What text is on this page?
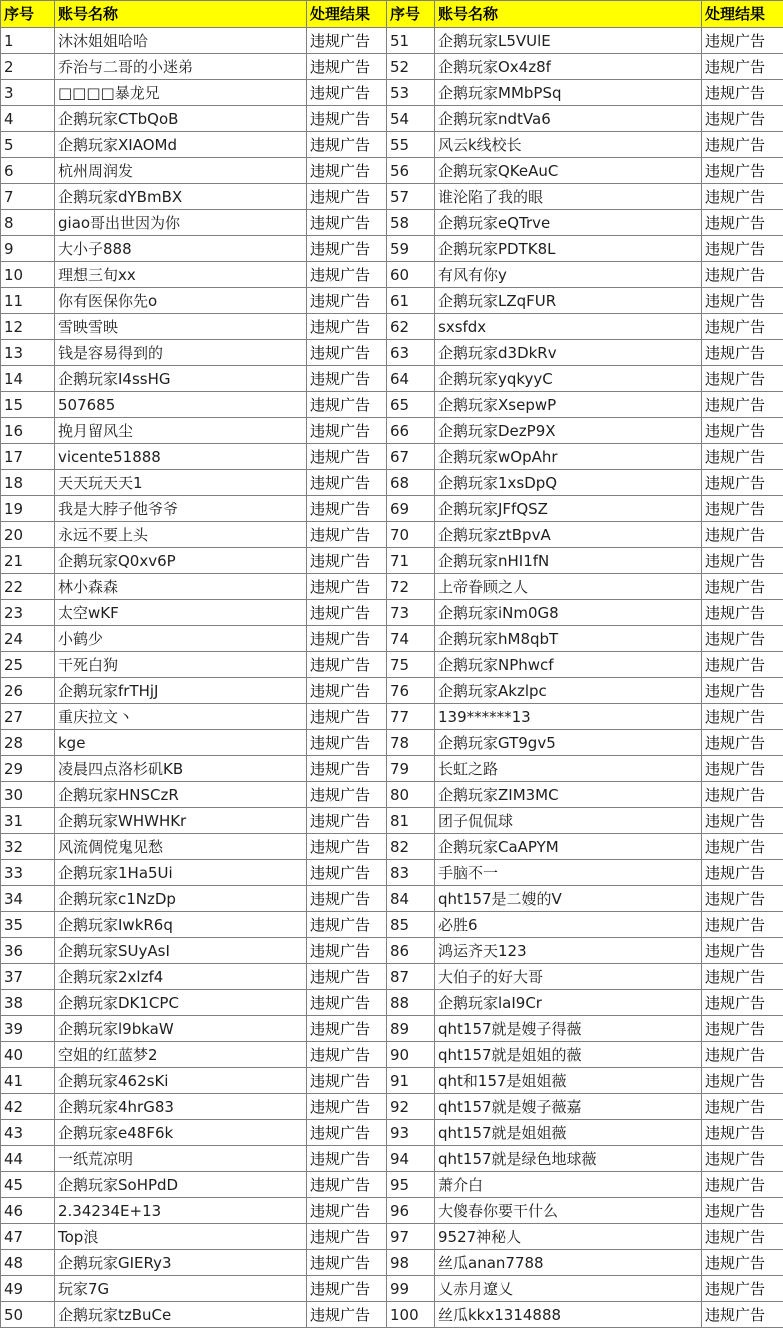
序号	账号名称	处理结果	序号	账号名称	处理结果
1	沐沐姐姐哈哈	违规广告	51	企鹅玩家L5VUlE	违规广告
2	乔治与二哥的小迷弟	违规广告	52	企鹅玩家Ox4z8f	违规广告
3	□□□□暴龙兄	违规广告	53	企鹅玩家MMbPSq	违规广告
4	企鹅玩家CTbQoB	违规广告	54	企鹅玩家ndtVa6	违规广告
5	企鹅玩家XIAOMd	违规广告	55	风云k线校长	违规广告
6	杭州周润发	违规广告	56	企鹅玩家QKeAuC	违规广告
7	企鹅玩家dYBmBX	违规广告	57	谁沦陷了我的眼	违规广告
8	giao哥出世因为你	违规广告	58	企鹅玩家eQTrve	违规广告
9	大小子888	违规广告	59	企鹅玩家PDTK8L	违规广告
10	理想三旬xx	违规广告	60	有风有你y	违规广告
11	你有医保你先o	违规广告	61	企鹅玩家LZqFUR	违规广告
12	雪映雪映	违规广告	62	sxsfdx	违规广告
13	钱是容易得到的	违规广告	63	企鹅玩家d3DkRv	违规广告
14	企鹅玩家I4ssHG	违规广告	64	企鹅玩家yqkyyC	违规广告
15	507685	违规广告	65	企鹅玩家XsepwP	违规广告
16	挽月留风尘	违规广告	66	企鹅玩家DezP9X	违规广告
17	vicente51888	违规广告	67	企鹅玩家wOpAhr	违规广告
18	天天玩天天1	违规广告	68	企鹅玩家1xsDpQ	违规广告
19	我是大脖子他爷爷	违规广告	69	企鹅玩家JFfQSZ	违规广告
20	永远不要上头	违规广告	70	企鹅玩家ztBpvA	违规广告
21	企鹅玩家Q0xv6P	违规广告	71	企鹅玩家nHI1fN	违规广告
22	林小森森	违规广告	72	上帝眷顾之人	违规广告
23	太空wKF	违规广告	73	企鹅玩家iNm0G8	违规广告
24	小鹤少	违规广告	74	企鹅玩家hM8qbT	违规广告
25	干死白狗	违规广告	75	企鹅玩家NPhwcf	违规广告
26	企鹅玩家frTHjJ	违规广告	76	企鹅玩家Akzlpc	违规广告
27	重庆拉文丶	违规广告	77	139******13	违规广告
28	kge	违规广告	78	企鹅玩家GT9gv5	违规广告
29	凌晨四点洛杉矶KB	违规广告	79	长虹之路	违规广告
30	企鹅玩家HNSCzR	违规广告	80	企鹅玩家ZIM3MC	违规广告
31	企鹅玩家WHWHKr	违规广告	81	团子侃侃球	违规广告
32	风流倜傥鬼见愁	违规广告	82	企鹅玩家CaAPYM	违规广告
33	企鹅玩家1Ha5Ui	违规广告	83	手脑不一	违规广告
34	企鹅玩家c1NzDp	违规广告	84	qht157是二嫂的V	违规广告
35	企鹅玩家IwkR6q	违规广告	85	必胜6	违规广告
36	企鹅玩家SUyAsI	违规广告	86	鸿运齐天123	违规广告
37	企鹅玩家2xlzf4	违规广告	87	大伯子的好大哥	违规广告
38	企鹅玩家DK1CPC	违规广告	88	企鹅玩家laI9Cr	违规广告
39	企鹅玩家l9bkaW	违规广告	89	qht157就是嫂子得薇	违规广告
40	空姐的红蓝梦2	违规广告	90	qht157就是姐姐的薇	违规广告
41	企鹅玩家462sKi	违规广告	91	qht和157是姐姐薇	违规广告
42	企鹅玩家4hrG83	违规广告	92	qht157就是嫂子薇嘉	违规广告
43	企鹅玩家e48F6k	违规广告	93	qht157就是姐姐薇	违规广告
44	一纸荒凉明	违规广告	94	qht157就是绿色地球薇	违规广告
45	企鹅玩家SoHPdD	违规广告	95	萧介白	违规广告
46	2.34234E+13	违规广告	96	大傻春你要干什么	违规广告
47	Top浪	违规广告	97	9527神秘人	违规广告
48	企鹅玩家GIERy3	违规广告	98	丝瓜anan7788	违规广告
49	玩家7G	违规广告	99	乂赤月遼乂	违规广告
50	企鹅玩家tzBuCe	违规广告	100	丝瓜kkx1314888	违规广告
